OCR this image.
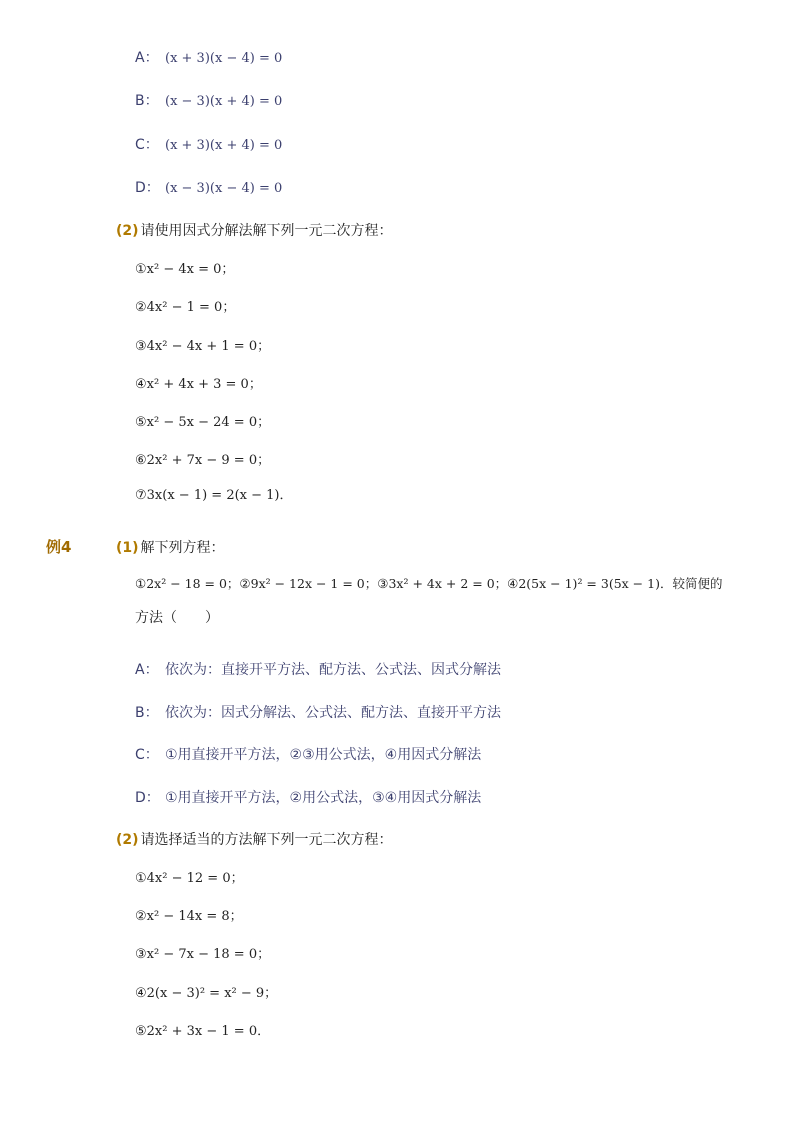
A： (x + 3)(x − 4) = 0
B： (x − 3)(x + 4) = 0
C： (x + 3)(x + 4) = 0
D： (x − 3)(x − 4) = 0
(2) 请使用因式分解法解下列一元二次方程：
①x² − 4x = 0；
②4x² − 1 = 0；
③4x² − 4x + 1 = 0；
④x² + 4x + 3 = 0；
⑤x² − 5x − 24 = 0；
⑥2x² + 7x − 9 = 0；
⑦3x(x − 1) = 2(x − 1)．
例4	(1) 解下列方程：
①2x² − 18 = 0；②9x² − 12x − 1 = 0；③3x² + 4x + 2 = 0；④2(5x − 1)² = 3(5x − 1)．较简便的
方法（　　）
A： 依次为：直接开平方法、配方法、公式法、因式分解法
B： 依次为：因式分解法、公式法、配方法、直接开平方法
C： ①用直接开平方法，②③用公式法，④用因式分解法
D： ①用直接开平方法，②用公式法，③④用因式分解法
(2) 请选择适当的方法解下列一元二次方程：
①4x² − 12 = 0；
②x² − 14x = 8；
③x² − 7x − 18 = 0；
④2(x − 3)² = x² − 9；
⑤2x² + 3x − 1 = 0．
